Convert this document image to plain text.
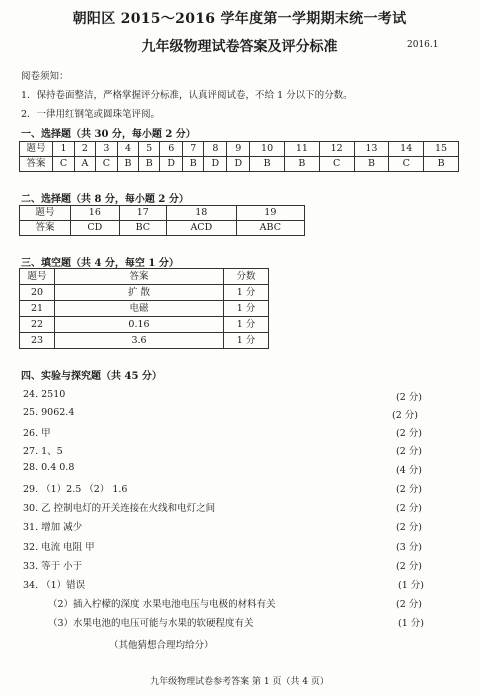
朝阳区 2015～2016 学年度第一学期期末统一考试
九年级物理试卷答案及评分标准	2016.1
阅卷须知：
1．保持卷面整洁，严格掌握评分标准，认真评阅试卷，不给 1 分以下的分数。
2．一律用红钢笔或圆珠笔评阅。
一、选择题（共 30 分，每小题 2 分）
题号	1	2	3	4	5	6	7	8	9	10	11	12	13	14	15
答案	C	A	C	B	B	D	B	D	D	B	B	C	B	C	B
二、选择题（共 8 分，每小题 2 分）
题号	16	17	18	19
答案	CD	BC	ACD	ABC
三、填空题（共 4 分，每空 1 分）
题号	答案	分数
20	扩 散	1 分
21	电磁	1 分
22	0.16	1 分
23	3.6	1 分
四、实验与探究题（共 45 分）
24. 2510	(2 分)
25. 9062.4	(2 分)
26. 甲	(2 分)
27. 1、5	(2 分)
28. 0.4 0.8	(4 分)
29. （1）2.5 （2） 1.6	(2 分)
30. 乙 控制电灯的开关连接在火线和电灯之间	(2 分)
31. 增加 减少	(2 分)
32. 电流 电阻 甲	(3 分)
33. 等于 小于	(2 分)
34. （1）错误	(1 分)
（2）插入柠檬的深度 水果电池电压与电极的材料有关	(2 分)
（3）水果电池的电压可能与水果的软硬程度有关	(1 分)
（其他猜想合理均给分）
九年级物理试卷参考答案 第 1 页（共 4 页）
